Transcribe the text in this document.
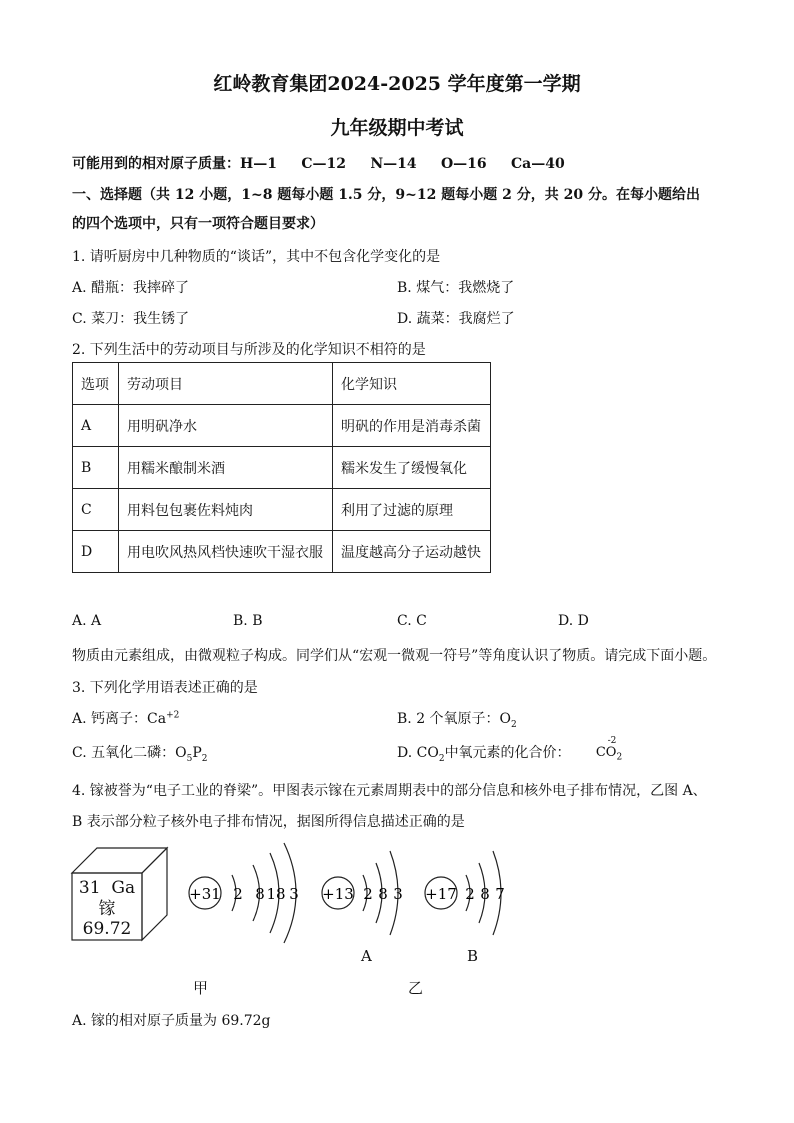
红岭教育集团2024-2025 学年度第一学期
九年级期中考试
可能用到的相对原子质量：H—1     C—12     N—14     O—16     Ca—40
一、选择题（共 12 小题，1~8 题每小题 1.5 分，9~12 题每小题 2 分，共 20 分。在每小题给出
的四个选项中，只有一项符合题目要求）
1. 请听厨房中几种物质的“谈话”，其中不包含化学变化的是
A. 醋瓶：我摔碎了	B. 煤气：我燃烧了
C. 菜刀：我生锈了	D. 蔬菜：我腐烂了
2. 下列生活中的劳动项目与所涉及的化学知识不相符的是
选项	劳动项目	化学知识
A	用明矾净水	明矾的作用是消毒杀菌
B	用糯米酿制米酒	糯米发生了缓慢氧化
C	用料包包裹佐料炖肉	利用了过滤的原理
D	用电吹风热风档快速吹干湿衣服	温度越高分子运动越快
A. A	B. B	C. C	D. D
物质由元素组成，由微观粒子构成。同学们从“宏观一微观一符号”等角度认识了物质。请完成下面小题。
3. 下列化学用语表述正确的是
A. 钙离子：$Ca^{+2}$	B. 2 个氧原子：$O_2$
C. 五氧化二磷：$O_5P_2$	D. $CO_2$中氧元素的化合价：
-2
$CO_2$
4. 镓被誉为“电子工业的脊梁”。甲图表示镓在元素周期表中的部分信息和核外电子排布情况，乙图 A、
B 表示部分粒子核外电子排布情况，据图所得信息描述正确的是
31 Ga
镓
69.72
+31 2 8 18 3 +13 2 8 3 +17 2 8 7
A	B
甲	乙
A. 镓的相对原子质量为 69.72g
